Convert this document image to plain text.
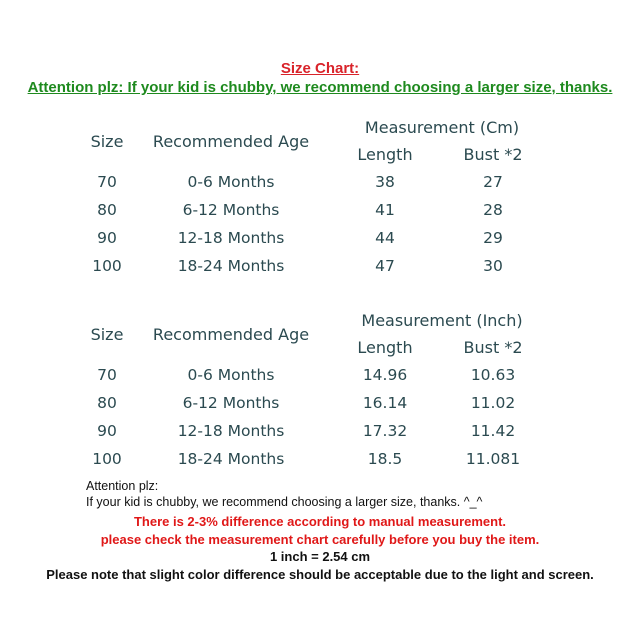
Size Chart:
Attention plz: If your kid is chubby, we recommend choosing a larger size, thanks.
Size Recommended Age
Measurement (Cm)
Length	Bust *2
70	0-6 Months	38	27
80	6-12 Months	41	28
90	12-18 Months	44	29
100	18-24 Months	47	30
Size Recommended Age
Measurement (Inch)
Length	Bust *2
70	0-6 Months	14.96	10.63
80	6-12 Months	16.14	11.02
90	12-18 Months	17.32	11.42
100	18-24 Months	18.5	11.081
Attention plz:
If your kid is chubby, we recommend choosing a larger size, thanks. ^_^
There is 2-3% difference according to manual measurement.
please check the measurement chart carefully before you buy the item.
1 inch = 2.54 cm
Please note that slight color difference should be acceptable due to the light and screen.
